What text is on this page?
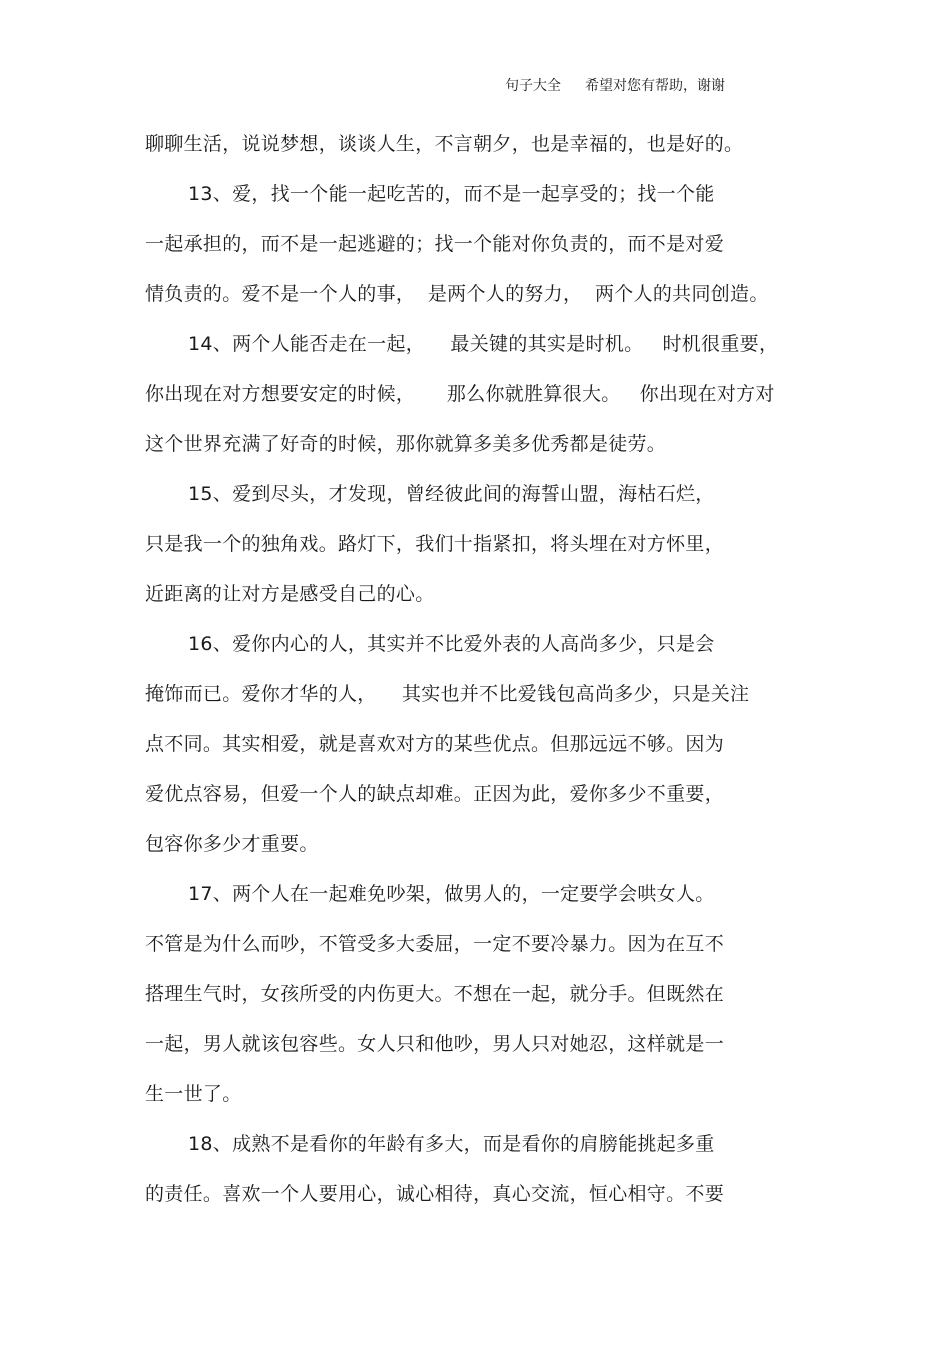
句子大全 希望对您有帮助，谢谢
聊聊生活，说说梦想，谈谈人生，不言朝夕，也是幸福的，也是好的。
13、爱，找一个能一起吃苦的，而不是一起享受的；找一个能
一起承担的，而不是一起逃避的；找一个能对你负责的，而不是对爱
情负责的。爱不是一个人的事，  是两个人的努力，  两个人的共同创造。
14、两个人能否走在一起，    最关键的其实是时机。   时机很重要，
你出现在对方想要安定的时候，     那么你就胜算很大。   你出现在对方对
这个世界充满了好奇的时候，那你就算多美多优秀都是徒劳。
15、爱到尽头，才发现，曾经彼此间的海誓山盟，海枯石烂，
只是我一个的独角戏。路灯下，我们十指紧扣，将头埋在对方怀里，
近距离的让对方是感受自己的心。
16、爱你内心的人，其实并不比爱外表的人高尚多少，只是会
掩饰而已。爱你才华的人，    其实也并不比爱钱包高尚多少，只是关注
点不同。其实相爱，就是喜欢对方的某些优点。但那远远不够。因为
爱优点容易，但爱一个人的缺点却难。正因为此，爱你多少不重要，
包容你多少才重要。
17、两个人在一起难免吵架，做男人的，一定要学会哄女人。
不管是为什么而吵，不管受多大委屈，一定不要冷暴力。因为在互不
搭理生气时，女孩所受的内伤更大。不想在一起，就分手。但既然在
一起，男人就该包容些。女人只和他吵，男人只对她忍，这样就是一
生一世了。
18、成熟不是看你的年龄有多大，而是看你的肩膀能挑起多重
的责任。喜欢一个人要用心，诚心相待，真心交流，恒心相守。不要
